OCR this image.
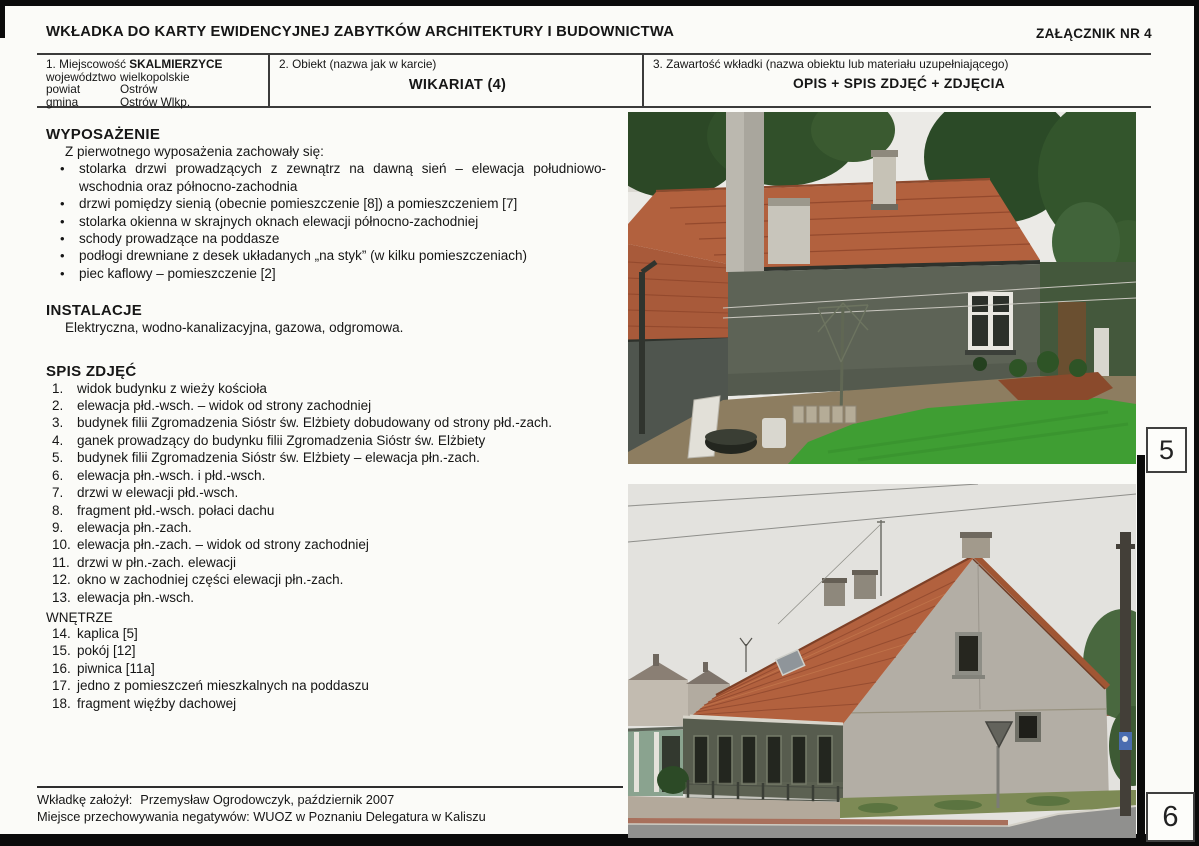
WKŁADKA DO KARTY EWIDENCYJNEJ ZABYTKÓW ARCHITEKTURY I BUDOWNICTWA	ZAŁĄCZNIK NR 4
1. Miejscowość SKALMIERZYCE
województwo wielkopolskie
powiat	Ostrów
gmina	Ostrów Wlkp.
2. Obiekt (nazwa jak w karcie)
WIKARIAT (4)
3. Zawartość wkładki (nazwa obiektu lub materiału uzupełniającego)
OPIS + SPIS ZDJĘĆ + ZDJĘCIA
WYPOSAŻENIE
Z pierwotnego wyposażenia zachowały się:
• stolarka drzwi prowadzących z zewnątrz na dawną sień – elewacja południowo-wschodnia oraz północno-zachodnia
• drzwi pomiędzy sienią (obecnie pomieszczenie [8]) a pomieszczeniem [7]
• stolarka okienna w skrajnych oknach elewacji północno-zachodniej
• schody prowadzące na poddasze
• podłogi drewniane z desek układanych „na styk” (w kilku pomieszczeniach)
• piec kaflowy – pomieszczenie [2]
INSTALACJE
Elektryczna, wodno-kanalizacyjna, gazowa, odgromowa.
SPIS ZDJĘĆ
1.	widok budynku z wieży kościoła
2.	elewacja płd.-wsch. – widok od strony zachodniej
3.	budynek filii Zgromadzenia Sióstr św. Elżbiety dobudowany od strony płd.-zach.
4.	ganek prowadzący do budynku filii Zgromadzenia Sióstr św. Elżbiety
5.	budynek filii Zgromadzenia Sióstr św. Elżbiety – elewacja płn.-zach.
6.	elewacja płn.-wsch. i płd.-wsch.
7.	drzwi w elewacji płd.-wsch.
8.	fragment płd.-wsch. połaci dachu
9.	elewacja płn.-zach.
10. elewacja płn.-zach. – widok od strony zachodniej
11. drzwi w płn.-zach. elewacji
12. okno w zachodniej części elewacji płn.-zach.
13. elewacja płn.-wsch.
WNĘTRZE
14. kaplica [5]
15. pokój [12]
16. piwnica [11a]
17. jedno z pomieszczeń mieszkalnych na poddaszu
18. fragment więźby dachowej
Wkładkę założył: Przemysław Ogrodowczyk, październik 2007
Miejsce przechowywania negatywów: WUOZ w Poznaniu Delegatura w Kaliszu
5
6
